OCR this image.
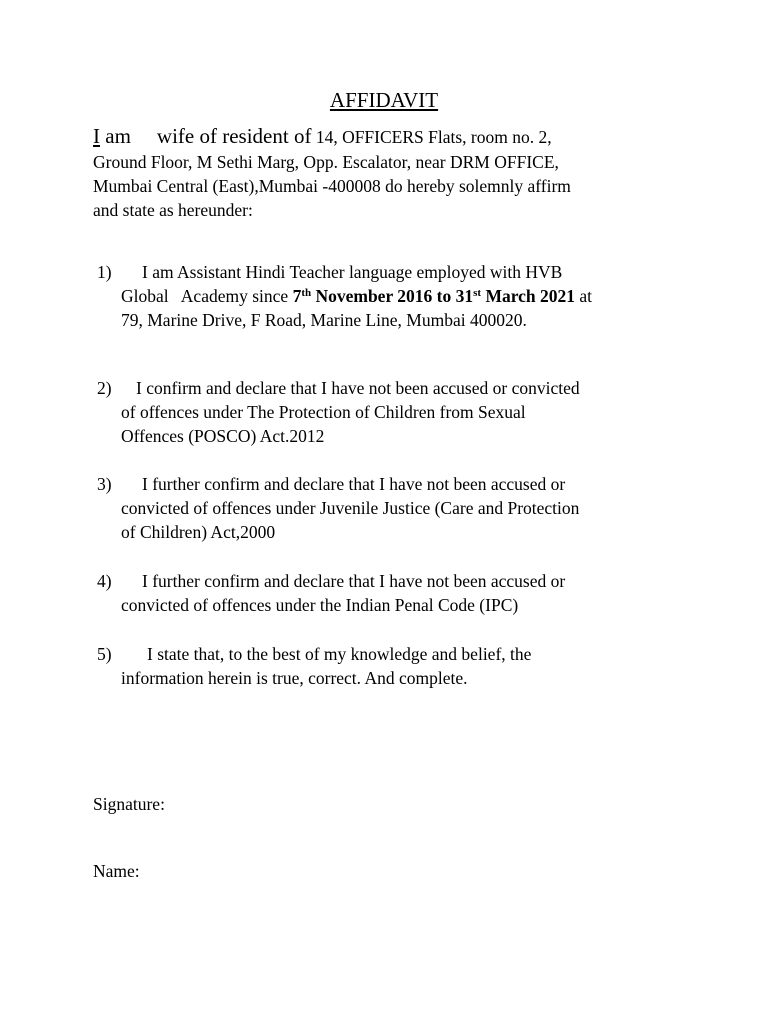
AFFIDAVIT
I am wife of resident of 14, OFFICERS Flats, room no. 2,
Ground Floor, M Sethi Marg, Opp. Escalator, near DRM OFFICE,
Mumbai Central (East),Mumbai -400008 do hereby solemnly affirm
and state as hereunder:
1) I am Assistant Hindi Teacher language employed with HVB
Global   Academy since 7th November 2016 to 31st March 2021 at
79, Marine Drive, F Road, Marine Line, Mumbai 400020.
2) I confirm and declare that I have not been accused or convicted
of offences under The Protection of Children from Sexual
Offences (POSCO) Act.2012
3) I further confirm and declare that I have not been accused or
convicted of offences under Juvenile Justice (Care and Protection
of Children) Act,2000
4) I further confirm and declare that I have not been accused or
convicted of offences under the Indian Penal Code (IPC)
5) I state that, to the best of my knowledge and belief, the
information herein is true, correct. And complete.
Signature:
Name:
